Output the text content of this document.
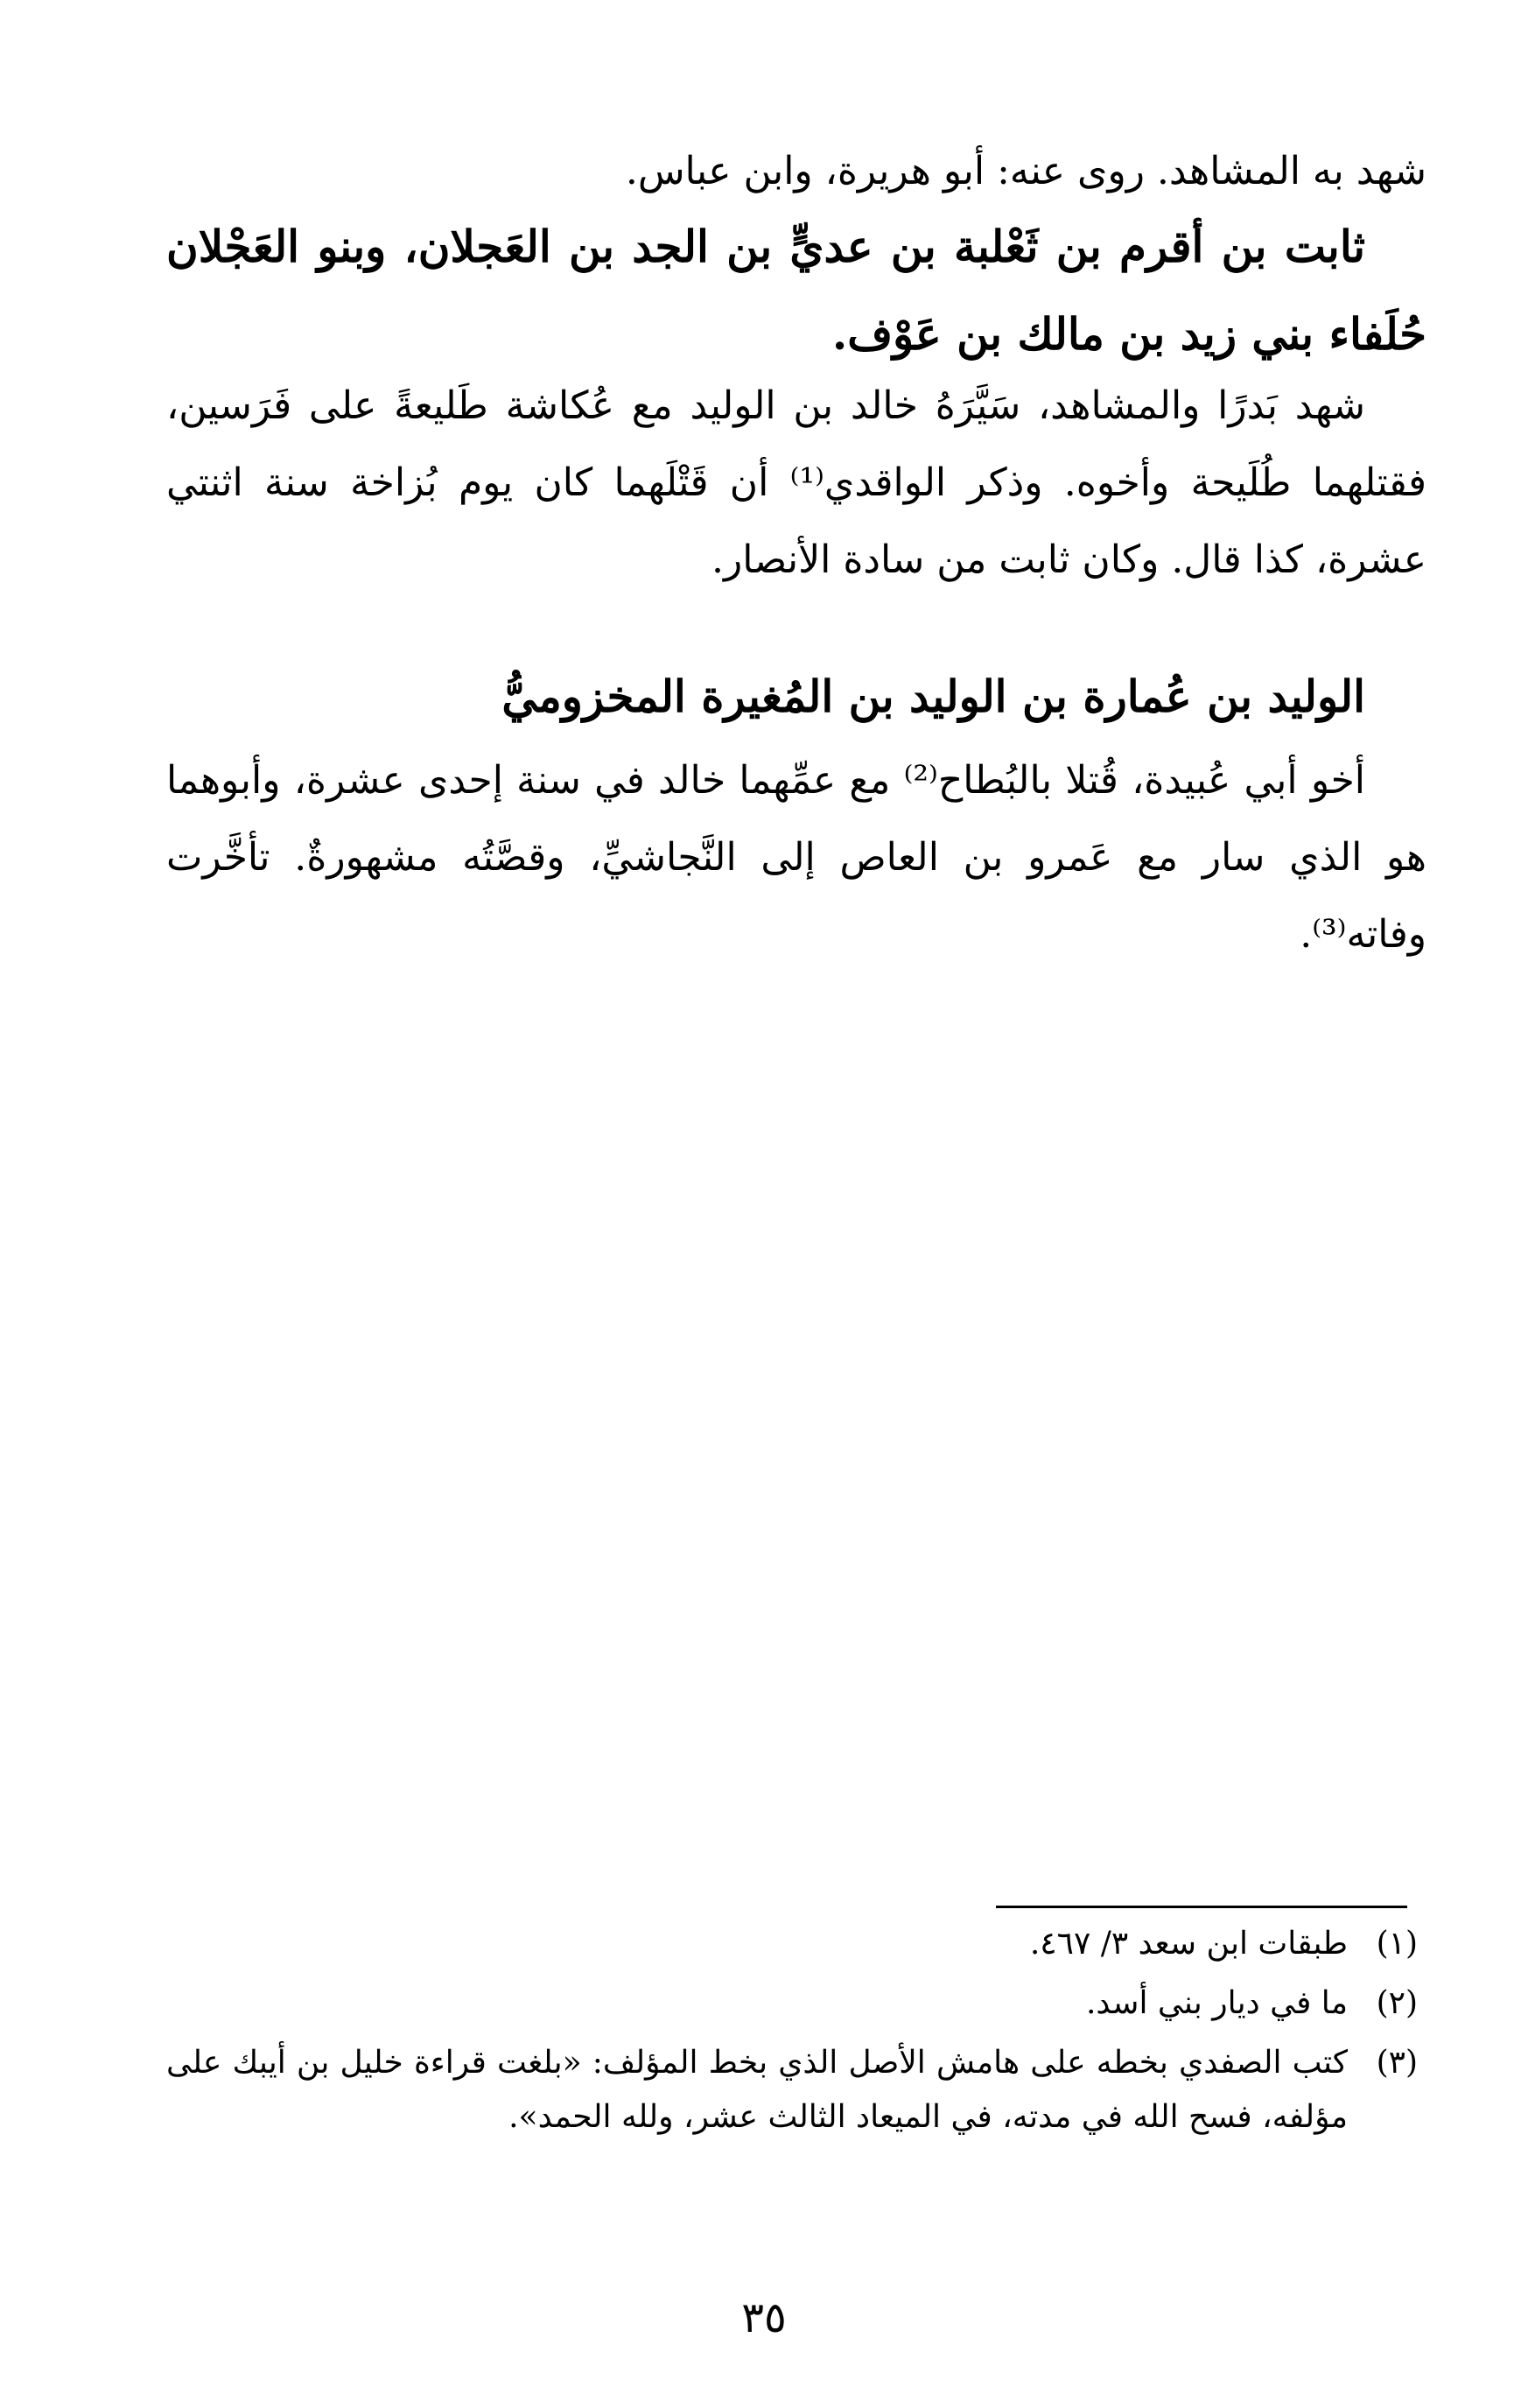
شهد به المشاهد. روى عنه: أبو هريرة، وابن عباس.

ثابت بن أقرم بن ثَعْلبة بن عديٍّ بن الجد بن العَجلان، وبنو العَجْلان حُلَفاء بني زيد بن مالك بن عَوْف.

شهد بَدرًا والمشاهد، سَيَّرَهُ خالد بن الوليد مع عُكاشة طَليعةً على فَرَسين، فقتلهما طُلَيحة وأخوه. وذكر الواقدي⁽¹⁾ أن قَتْلَهما كان يوم بُزاخة سنة اثنتي عشرة، كذا قال. وكان ثابت من سادة الأنصار.

الوليد بن عُمارة بن الوليد بن المُغيرة المخزوميُّ

أخو أبي عُبيدة، قُتلا بالبُطاح⁽²⁾ مع عمِّهما خالد في سنة إحدى عشرة، وأبوهما هو الذي سار مع عَمرو بن العاص إلى النَّجاشيِّ، وقصَّتُه مشهورةٌ. تأخَّرت وفاته⁽³⁾.

(١)
طبقات ابن سعد ٣/ ٤٦٧.
(٢)
ما في ديار بني أسد.
(٣)
كتب الصفدي بخطه على هامش الأصل الذي بخط المؤلف: «بلغت قراءة خليل بن أيبك على مؤلفه، فسح الله في مدته، في الميعاد الثالث عشر، ولله الحمد».

٣٥
